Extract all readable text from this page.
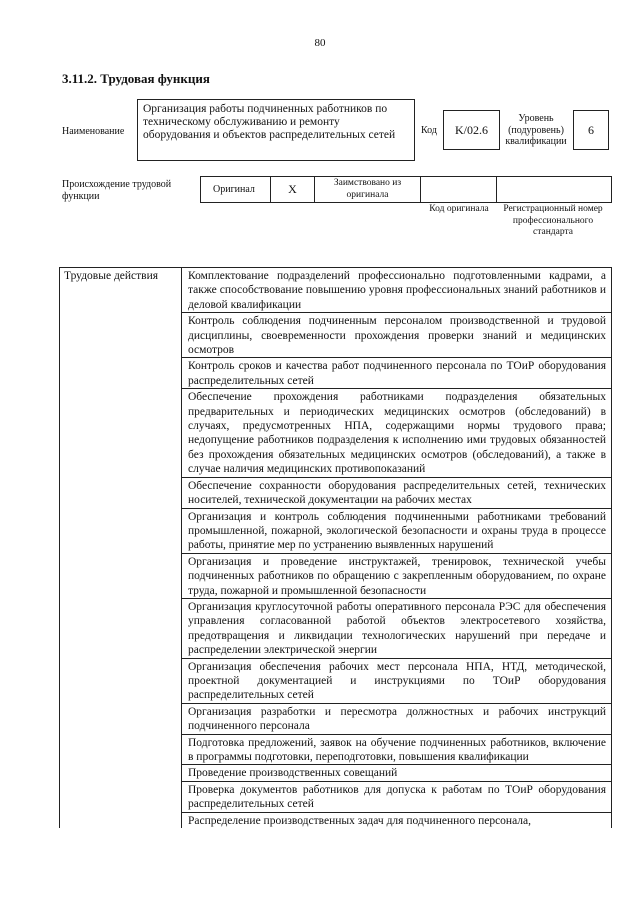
80
3.11.2. Трудовая функция
Наименование
Организация работы подчиненных работников по техническому обслуживанию и ремонту оборудования и объектов распределительных сетей	Код	K/02.6
Уровень (подуровень) квалификации
6
Происхождение трудовой функции
Оригинал	X	Заимствовано из оригинала
Код оригинала	Регистрационный номер профессионального стандарта
Трудовые действия	Комплектование подразделений профессионально подготовленными кадрами, а также способствование повышению уровня профессиональных знаний работников и деловой квалификации
Контроль соблюдения подчиненным персоналом производственной и трудовой дисциплины, своевременности прохождения проверки знаний и медицинских осмотров
Контроль сроков и качества работ подчиненного персонала по ТОиР оборудования распределительных сетей
Обеспечение прохождения работниками подразделения обязательных предварительных и периодических медицинских осмотров (обследований) в случаях, предусмотренных НПА, содержащими нормы трудового права; недопущение работников подразделения к исполнению ими трудовых обязанностей без прохождения обязательных медицинских осмотров (обследований), а также в случае наличия медицинских противопоказаний
Обеспечение сохранности оборудования распределительных сетей, технических носителей, технической документации на рабочих местах
Организация и контроль соблюдения подчиненными работниками требований промышленной, пожарной, экологической безопасности и охраны труда в процессе работы, принятие мер по устранению выявленных нарушений
Организация и проведение инструктажей, тренировок, технической учебы подчиненных работников по обращению с закрепленным оборудованием, по охране труда, пожарной и промышленной безопасности
Организация круглосуточной работы оперативного персонала РЭС для обеспечения управления согласованной работой объектов электросетевого хозяйства, предотвращения и ликвидации технологических нарушений при передаче и распределении электрической энергии
Организация обеспечения рабочих мест персонала НПА, НТД, методической, проектной документацией и инструкциями по ТОиР оборудования распределительных сетей
Организация разработки и пересмотра должностных и рабочих инструкций подчиненного персонала
Подготовка предложений, заявок на обучение подчиненных работников, включение в программы подготовки, переподготовки, повышения квалификации
Проведение производственных совещаний
Проверка документов работников для допуска к работам по ТОиР оборудования распределительных сетей
Распределение производственных задач для подчиненного персонала,
